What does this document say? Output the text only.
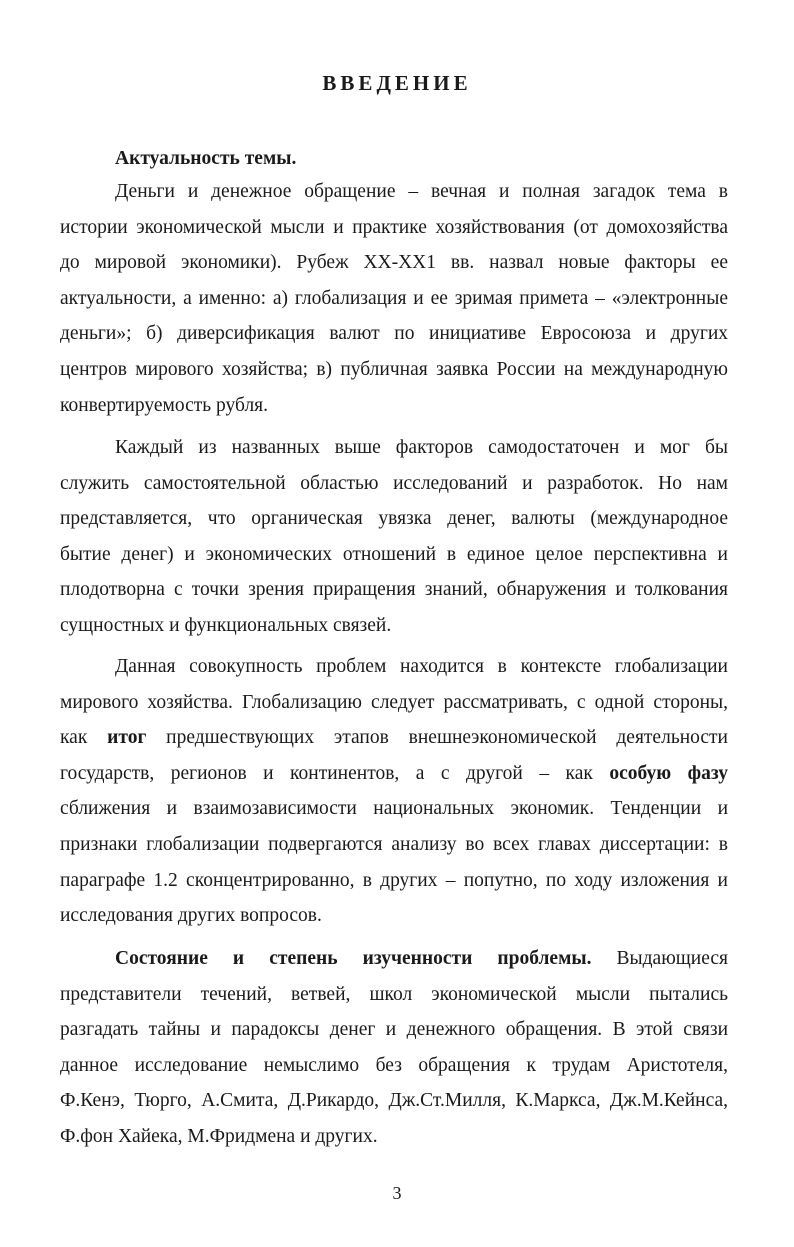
ВВЕДЕНИЕ
Актуальность темы.
Деньги и денежное обращение – вечная и полная загадок тема в
истории экономической мысли и практике хозяйствования (от домохозяйства
до мировой экономики). Рубеж XX-XX1 вв. назвал новые факторы ее
актуальности, а именно: а) глобализация и ее зримая примета – «электронные
деньги»; б) диверсификация валют по инициативе Евросоюза и других
центров мирового хозяйства; в) публичная заявка России на международную
конвертируемость рубля.
Каждый из названных выше факторов самодостаточен и мог бы
служить самостоятельной областью исследований и разработок. Но нам
представляется, что органическая увязка денег, валюты (международное
бытие денег) и экономических отношений в единое целое перспективна и
плодотворна с точки зрения приращения знаний, обнаружения и толкования
сущностных и функциональных связей.
Данная совокупность проблем находится в контексте глобализации
мирового хозяйства. Глобализацию следует рассматривать, с одной стороны,
как итог предшествующих этапов внешнеэкономической деятельности
государств, регионов и континентов, а с другой – как особую фазу
сближения и взаимозависимости национальных экономик. Тенденции и
признаки глобализации подвергаются анализу во всех главах диссертации: в
параграфе 1.2 сконцентрированно, в других – попутно, по ходу изложения и
исследования других вопросов.
Состояние и степень изученности проблемы. Выдающиеся
представители течений, ветвей, школ экономической мысли пытались
разгадать тайны и парадоксы денег и денежного обращения. В этой связи
данное исследование немыслимо без обращения к трудам Аристотеля,
Ф.Кенэ, Тюрго, А.Смита, Д.Рикардо, Дж.Ст.Милля, К.Маркса, Дж.М.Кейнса,
Ф.фон Хайека, М.Фридмена и других.
3
